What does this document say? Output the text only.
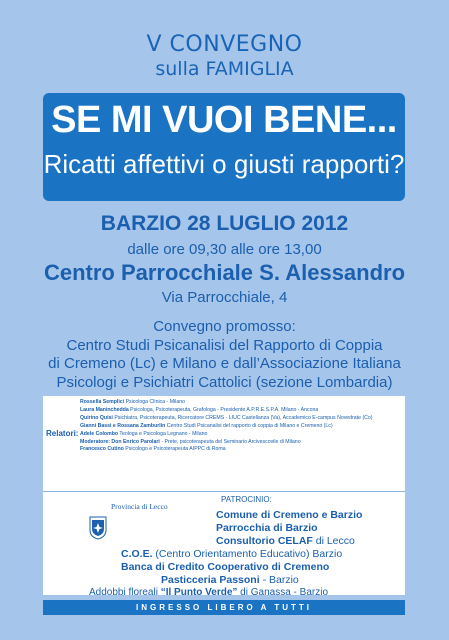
V CONVEGNO
sulla FAMIGLIA
SE MI VUOI BENE...
Ricatti affettivi o giusti rapporti?
BARZIO 28 LUGLIO 2012
dalle ore 09,30 alle ore 13,00
Centro Parrocchiale S. Alessandro
Via Parrocchiale, 4
Convegno promosso:
Centro Studi Psicanalisi del Rapporto di Coppia
di Cremeno (Lc) e Milano e dall’Associazione Italiana
Psicologi e Psichiatri Cattolici (sezione Lombardia)
Relatori:
Rossella Semplici Psicologa Clinica - Milano
Laura Maninchedda Psicologa, Psicoterapeuta, Grafologa - Presidente A.P.R.E.S.P.A. Milano - Ancona
Quirino Quisi Psichiatra, Psicoterapeuta, Ricercatore CREMS - LIUC Castellanza (Va), Accademico E-campus Novedrate (Co)
Gianni Bassi e Rossana Zamburlin Centro Studi Psicanalisi del rapporto di coppia di Milano e Cremeno (Lc)
Adele Colombo Teologa e Psicologa Legnano - Milano
Moderatore: Don Enrico Parolari - Prete, psicoterapeuta del Seminario Arcivescovile di Milano
Francesco Cutino Psicologo e Psicoterapeuta AIPPC di Roma
PATROCINIO:
Provincia di Lecco
Comune di Cremeno e Barzio
Parrocchia di Barzio
Consultorio CELAF di Lecco
C.O.E. (Centro Orientamento Educativo) Barzio
Banca di Credito Cooperativo di Cremeno
Pasticceria Passoni - Barzio
Addobbi floreali “Il Punto Verde” di Ganassa - Barzio
INGRESSO LIBERO A TUTTI
